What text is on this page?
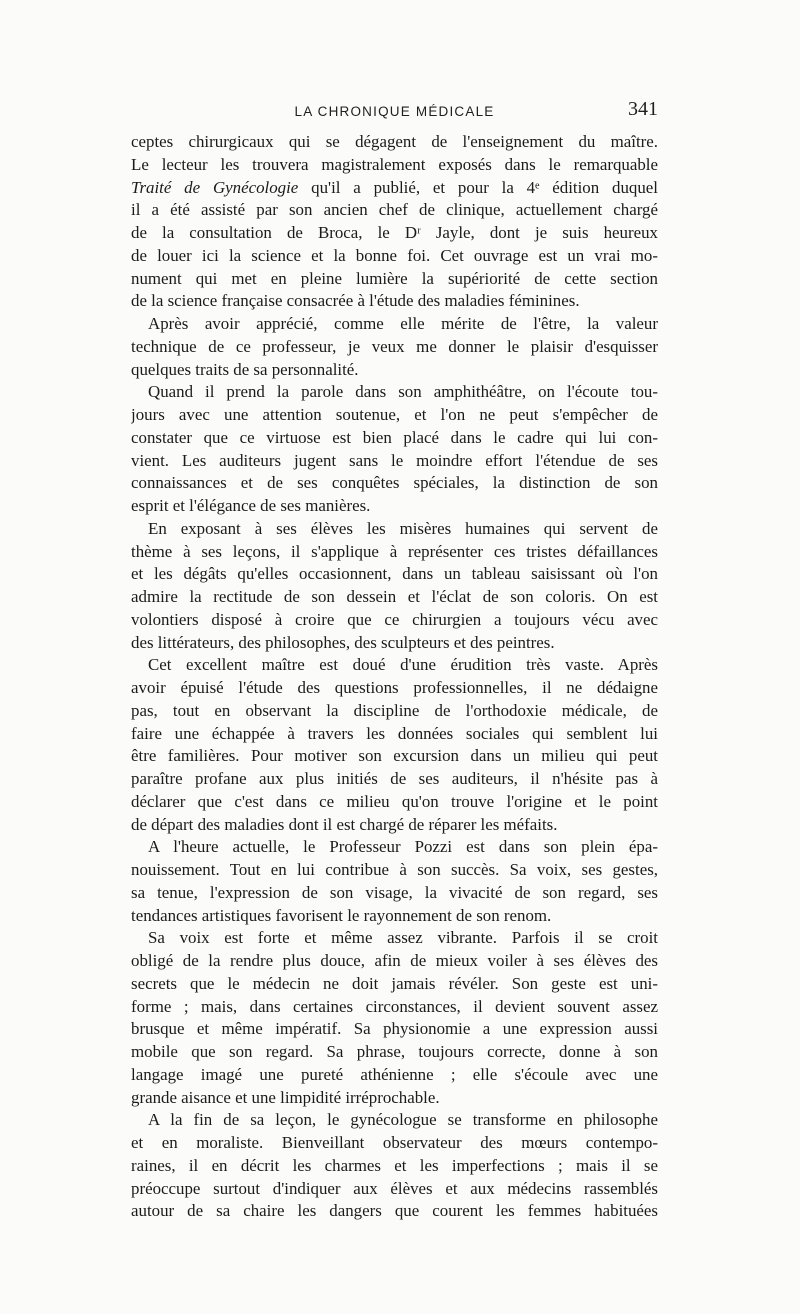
LA CHRONIQUE MÉDICALE	341
ceptes chirurgicaux qui se dégagent de l'enseignement du maître.
Le lecteur les trouvera magistralement exposés dans le remarquable
Traité de Gynécologie qu'il a publié, et pour la 4ᵉ édition duquel
il a été assisté par son ancien chef de clinique, actuellement chargé
de la consultation de Broca, le Dʳ Jayle, dont je suis heureux
de louer ici la science et la bonne foi. Cet ouvrage est un vrai mo-
nument qui met en pleine lumière la supériorité de cette section
de la science française consacrée à l'étude des maladies féminines.
Après avoir apprécié, comme elle mérite de l'être, la valeur
technique de ce professeur, je veux me donner le plaisir d'esquisser
quelques traits de sa personnalité.
Quand il prend la parole dans son amphithéâtre, on l'écoute tou-
jours avec une attention soutenue, et l'on ne peut s'empêcher de
constater que ce virtuose est bien placé dans le cadre qui lui con-
vient. Les auditeurs jugent sans le moindre effort l'étendue de ses
connaissances et de ses conquêtes spéciales, la distinction de son
esprit et l'élégance de ses manières.
En exposant à ses élèves les misères humaines qui servent de
thème à ses leçons, il s'applique à représenter ces tristes défaillances
et les dégâts qu'elles occasionnent, dans un tableau saisissant où l'on
admire la rectitude de son dessein et l'éclat de son coloris. On est
volontiers disposé à croire que ce chirurgien a toujours vécu avec
des littérateurs, des philosophes, des sculpteurs et des peintres.
Cet excellent maître est doué d'une érudition très vaste. Après
avoir épuisé l'étude des questions professionnelles, il ne dédaigne
pas, tout en observant la discipline de l'orthodoxie médicale, de
faire une échappée à travers les données sociales qui semblent lui
être familières. Pour motiver son excursion dans un milieu qui peut
paraître profane aux plus initiés de ses auditeurs, il n'hésite pas à
déclarer que c'est dans ce milieu qu'on trouve l'origine et le point
de départ des maladies dont il est chargé de réparer les méfaits.
A l'heure actuelle, le Professeur Pozzi est dans son plein épa-
nouissement. Tout en lui contribue à son succès. Sa voix, ses gestes,
sa tenue, l'expression de son visage, la vivacité de son regard, ses
tendances artistiques favorisent le rayonnement de son renom.
Sa voix est forte et même assez vibrante. Parfois il se croit
obligé de la rendre plus douce, afin de mieux voiler à ses élèves des
secrets que le médecin ne doit jamais révéler. Son geste est uni-
forme ; mais, dans certaines circonstances, il devient souvent assez
brusque et même impératif. Sa physionomie a une expression aussi
mobile que son regard. Sa phrase, toujours correcte, donne à son
langage imagé une pureté athénienne ; elle s'écoule avec une
grande aisance et une limpidité irréprochable.
A la fin de sa leçon, le gynécologue se transforme en philosophe
et en moraliste. Bienveillant observateur des mœurs contempo-
raines, il en décrit les charmes et les imperfections ; mais il se
préoccupe surtout d'indiquer aux élèves et aux médecins rassemblés
autour de sa chaire les dangers que courent les femmes habituées
